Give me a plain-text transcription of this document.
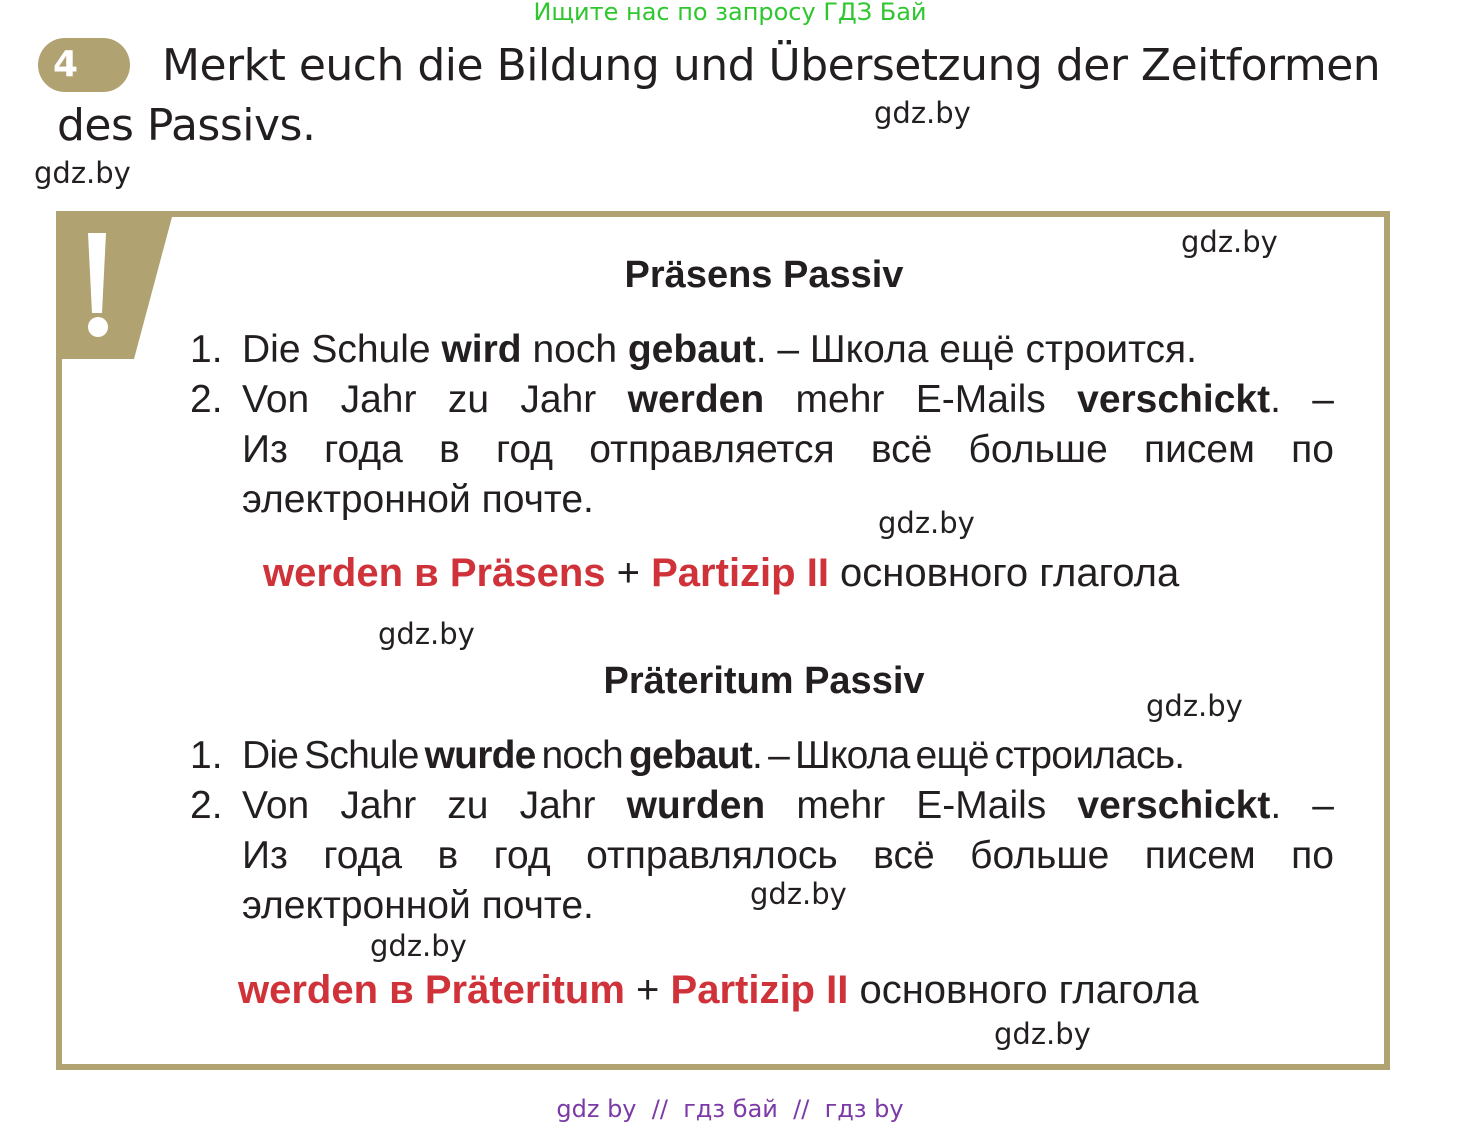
Ищите нас по запросу ГДЗ Бай
4	Merkt euch die Bildung und Übersetzung der Zeitformen des Passivs.	gdz.by
gdz.by
gdz.by
Präsens Passiv
1. Die Schule wird noch gebaut. – Школа ещё строится.
2. Von Jahr zu Jahr werden mehr E-Mails verschickt. –
Из года в год отправляется всё больше писем по
электронной почте.
gdz.by
werden в Präsens + Partizip II основного глагола
gdz.by
Präteritum Passiv
gdz.by
1. Die Schule wurde noch gebaut. – Школа ещё строилась.
2. Von Jahr zu Jahr wurden mehr E-Mails verschickt. –
Из года в год отправлялось всё больше писем по
электронной почте.	gdz.by
gdz.by
werden в Präteritum + Partizip II основного глагола
gdz.by
gdz by  //  гдз бай  //  гдз by
